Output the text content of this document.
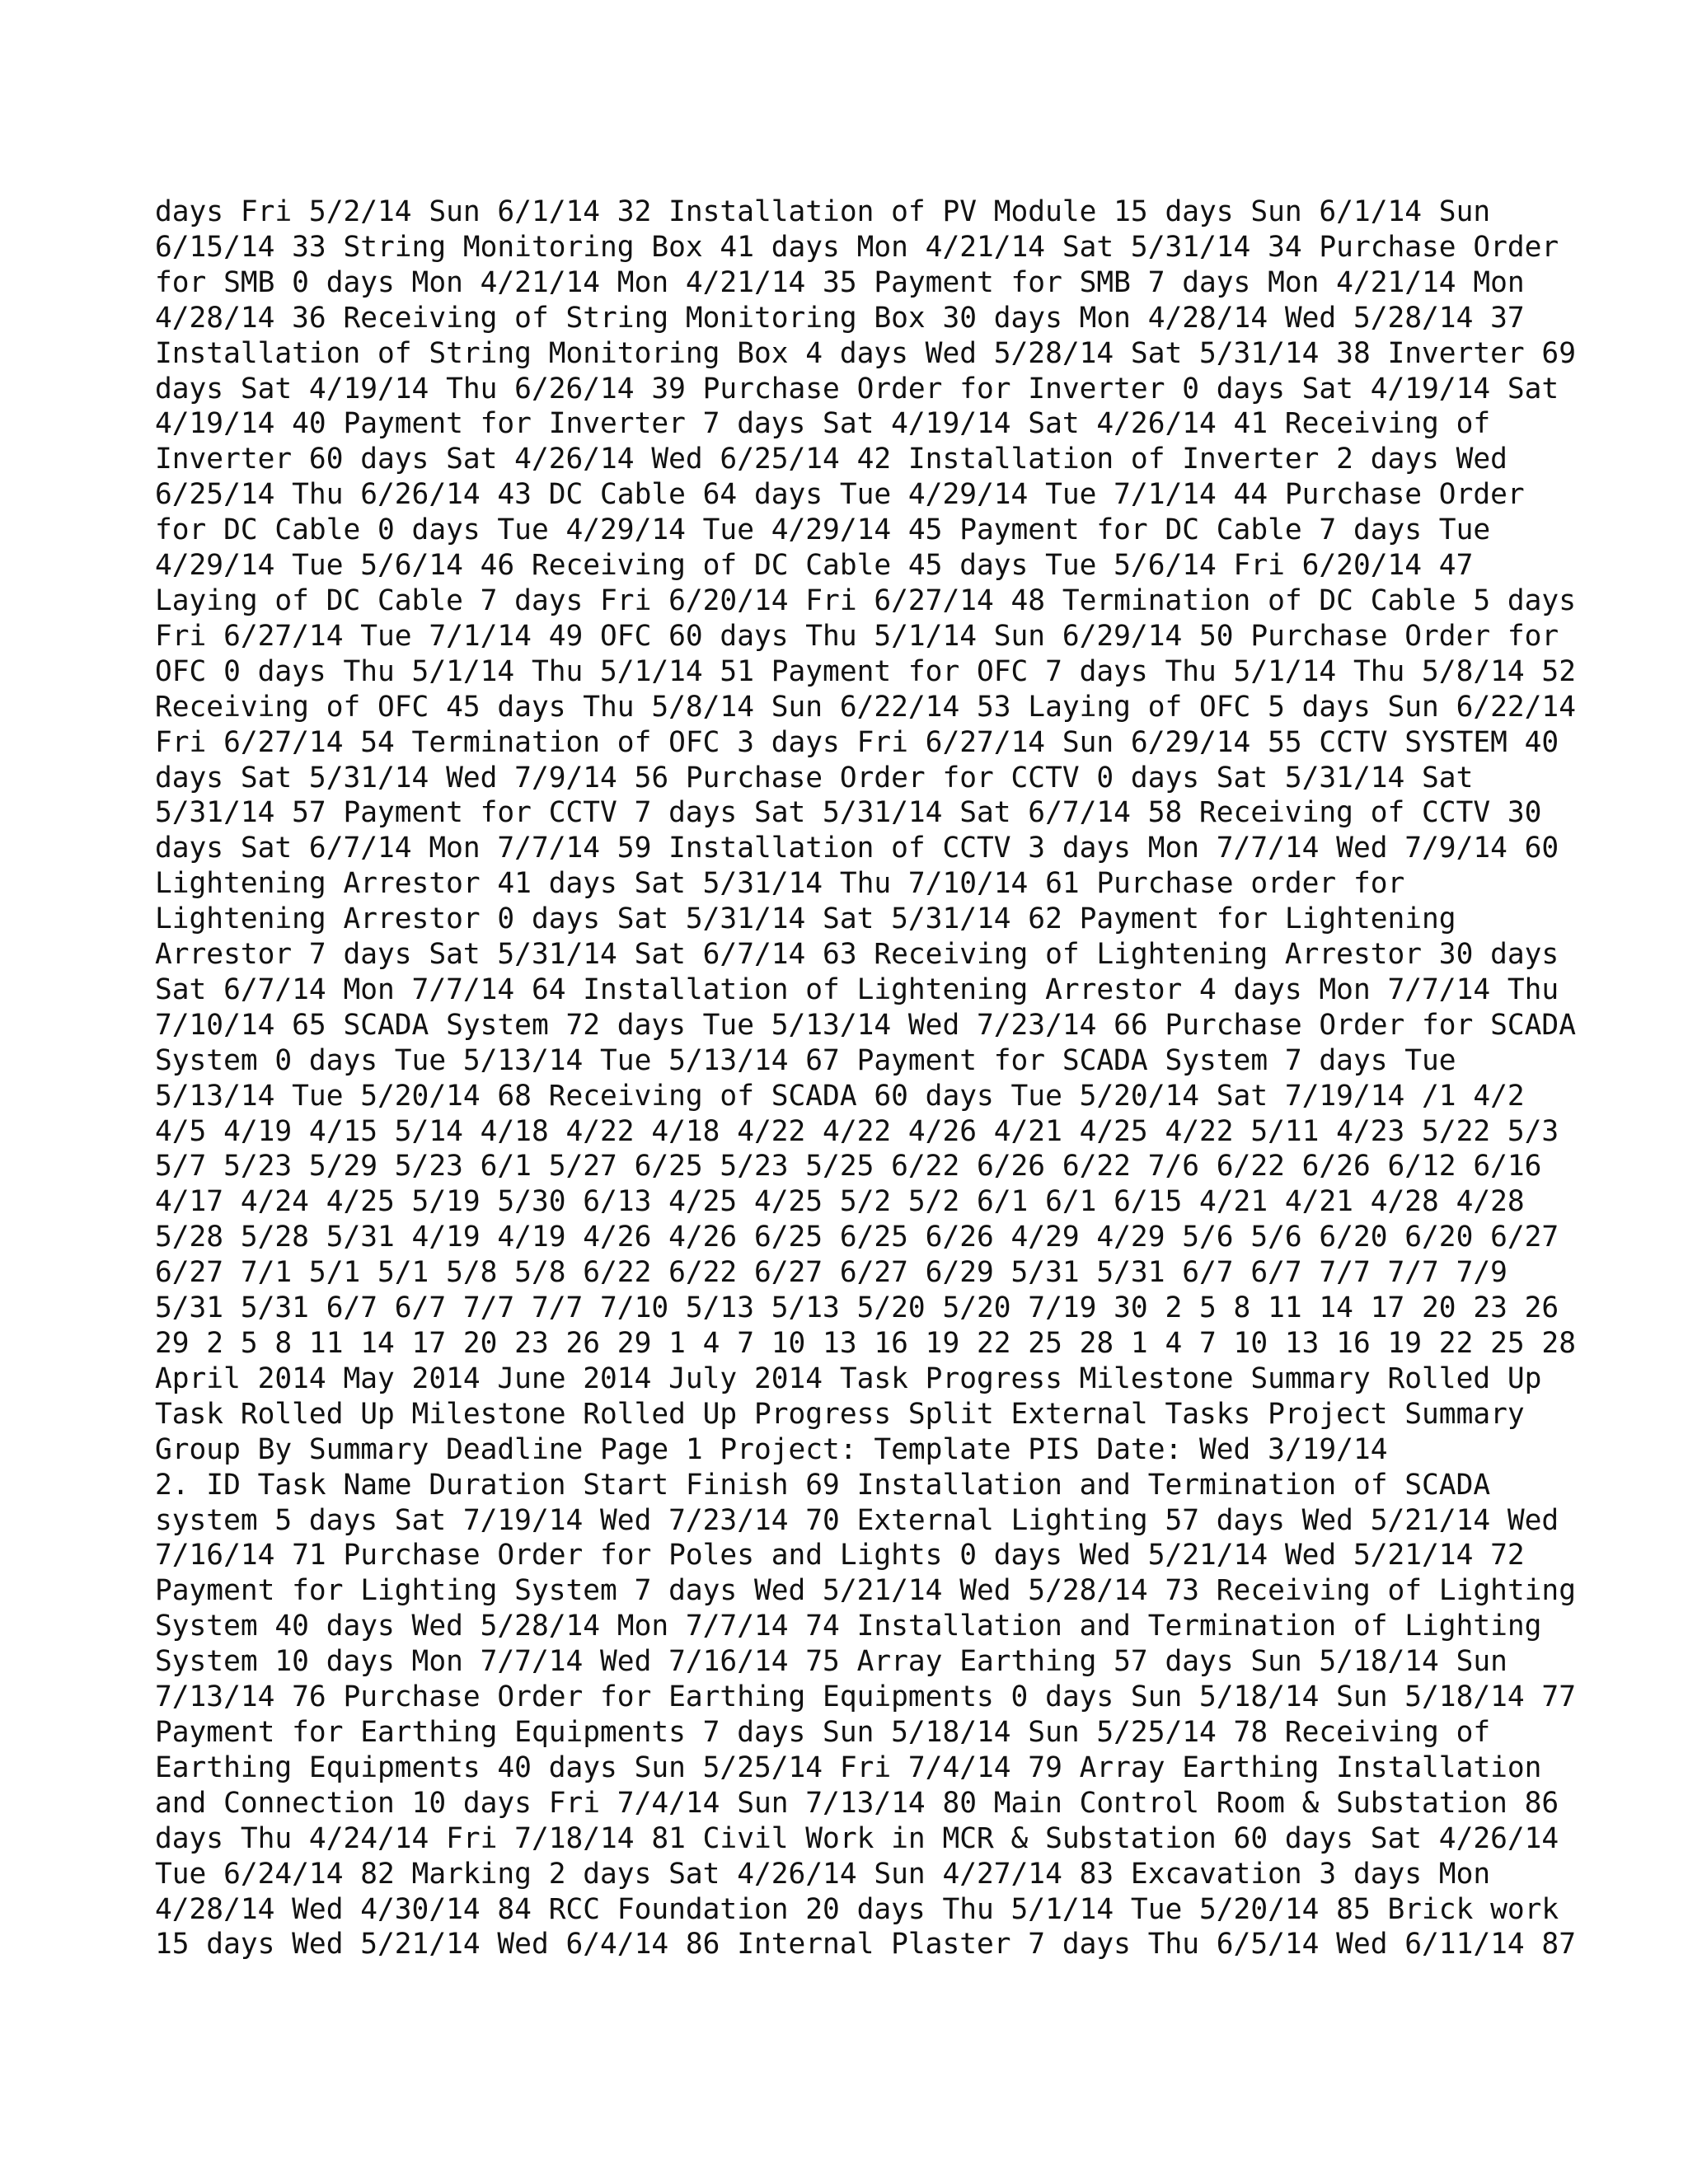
days Fri 5/2/14 Sun 6/1/14 32 Installation of PV Module 15 days Sun 6/1/14 Sun
6/15/14 33 String Monitoring Box 41 days Mon 4/21/14 Sat 5/31/14 34 Purchase Order
for SMB 0 days Mon 4/21/14 Mon 4/21/14 35 Payment for SMB 7 days Mon 4/21/14 Mon
4/28/14 36 Receiving of String Monitoring Box 30 days Mon 4/28/14 Wed 5/28/14 37
Installation of String Monitoring Box 4 days Wed 5/28/14 Sat 5/31/14 38 Inverter 69
days Sat 4/19/14 Thu 6/26/14 39 Purchase Order for Inverter 0 days Sat 4/19/14 Sat
4/19/14 40 Payment for Inverter 7 days Sat 4/19/14 Sat 4/26/14 41 Receiving of
Inverter 60 days Sat 4/26/14 Wed 6/25/14 42 Installation of Inverter 2 days Wed
6/25/14 Thu 6/26/14 43 DC Cable 64 days Tue 4/29/14 Tue 7/1/14 44 Purchase Order
for DC Cable 0 days Tue 4/29/14 Tue 4/29/14 45 Payment for DC Cable 7 days Tue
4/29/14 Tue 5/6/14 46 Receiving of DC Cable 45 days Tue 5/6/14 Fri 6/20/14 47
Laying of DC Cable 7 days Fri 6/20/14 Fri 6/27/14 48 Termination of DC Cable 5 days
Fri 6/27/14 Tue 7/1/14 49 OFC 60 days Thu 5/1/14 Sun 6/29/14 50 Purchase Order for
OFC 0 days Thu 5/1/14 Thu 5/1/14 51 Payment for OFC 7 days Thu 5/1/14 Thu 5/8/14 52
Receiving of OFC 45 days Thu 5/8/14 Sun 6/22/14 53 Laying of OFC 5 days Sun 6/22/14
Fri 6/27/14 54 Termination of OFC 3 days Fri 6/27/14 Sun 6/29/14 55 CCTV SYSTEM 40
days Sat 5/31/14 Wed 7/9/14 56 Purchase Order for CCTV 0 days Sat 5/31/14 Sat
5/31/14 57 Payment for CCTV 7 days Sat 5/31/14 Sat 6/7/14 58 Receiving of CCTV 30
days Sat 6/7/14 Mon 7/7/14 59 Installation of CCTV 3 days Mon 7/7/14 Wed 7/9/14 60
Lightening Arrestor 41 days Sat 5/31/14 Thu 7/10/14 61 Purchase order for
Lightening Arrestor 0 days Sat 5/31/14 Sat 5/31/14 62 Payment for Lightening
Arrestor 7 days Sat 5/31/14 Sat 6/7/14 63 Receiving of Lightening Arrestor 30 days
Sat 6/7/14 Mon 7/7/14 64 Installation of Lightening Arrestor 4 days Mon 7/7/14 Thu
7/10/14 65 SCADA System 72 days Tue 5/13/14 Wed 7/23/14 66 Purchase Order for SCADA
System 0 days Tue 5/13/14 Tue 5/13/14 67 Payment for SCADA System 7 days Tue
5/13/14 Tue 5/20/14 68 Receiving of SCADA 60 days Tue 5/20/14 Sat 7/19/14 /1 4/2
4/5 4/19 4/15 5/14 4/18 4/22 4/18 4/22 4/22 4/26 4/21 4/25 4/22 5/11 4/23 5/22 5/3
5/7 5/23 5/29 5/23 6/1 5/27 6/25 5/23 5/25 6/22 6/26 6/22 7/6 6/22 6/26 6/12 6/16
4/17 4/24 4/25 5/19 5/30 6/13 4/25 4/25 5/2 5/2 6/1 6/1 6/15 4/21 4/21 4/28 4/28
5/28 5/28 5/31 4/19 4/19 4/26 4/26 6/25 6/25 6/26 4/29 4/29 5/6 5/6 6/20 6/20 6/27
6/27 7/1 5/1 5/1 5/8 5/8 6/22 6/22 6/27 6/27 6/29 5/31 5/31 6/7 6/7 7/7 7/7 7/9
5/31 5/31 6/7 6/7 7/7 7/7 7/10 5/13 5/13 5/20 5/20 7/19 30 2 5 8 11 14 17 20 23 26
29 2 5 8 11 14 17 20 23 26 29 1 4 7 10 13 16 19 22 25 28 1 4 7 10 13 16 19 22 25 28
April 2014 May 2014 June 2014 July 2014 Task Progress Milestone Summary Rolled Up
Task Rolled Up Milestone Rolled Up Progress Split External Tasks Project Summary
Group By Summary Deadline Page 1 Project: Template PIS Date: Wed 3/19/14
2. ID Task Name Duration Start Finish 69 Installation and Termination of SCADA
system 5 days Sat 7/19/14 Wed 7/23/14 70 External Lighting 57 days Wed 5/21/14 Wed
7/16/14 71 Purchase Order for Poles and Lights 0 days Wed 5/21/14 Wed 5/21/14 72
Payment for Lighting System 7 days Wed 5/21/14 Wed 5/28/14 73 Receiving of Lighting
System 40 days Wed 5/28/14 Mon 7/7/14 74 Installation and Termination of Lighting
System 10 days Mon 7/7/14 Wed 7/16/14 75 Array Earthing 57 days Sun 5/18/14 Sun
7/13/14 76 Purchase Order for Earthing Equipments 0 days Sun 5/18/14 Sun 5/18/14 77
Payment for Earthing Equipments 7 days Sun 5/18/14 Sun 5/25/14 78 Receiving of
Earthing Equipments 40 days Sun 5/25/14 Fri 7/4/14 79 Array Earthing Installation
and Connection 10 days Fri 7/4/14 Sun 7/13/14 80 Main Control Room & Substation 86
days Thu 4/24/14 Fri 7/18/14 81 Civil Work in MCR & Substation 60 days Sat 4/26/14
Tue 6/24/14 82 Marking 2 days Sat 4/26/14 Sun 4/27/14 83 Excavation 3 days Mon
4/28/14 Wed 4/30/14 84 RCC Foundation 20 days Thu 5/1/14 Tue 5/20/14 85 Brick work
15 days Wed 5/21/14 Wed 6/4/14 86 Internal Plaster 7 days Thu 6/5/14 Wed 6/11/14 87
